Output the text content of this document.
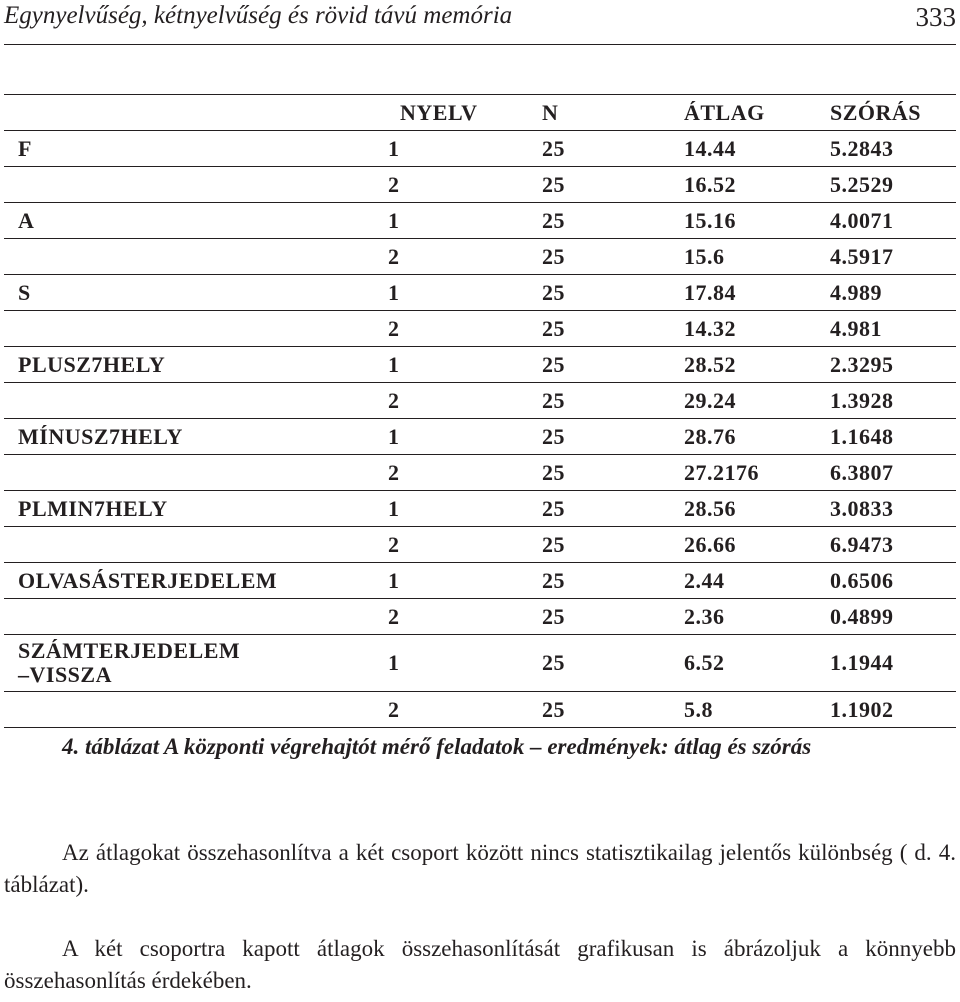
Egynyelvűség, kétnyelvűség és rövid távú memória	333
	NYELV	N	ÁTLAG	SZÓRÁS
F	1	25	14.44	5.2843
	2	25	16.52	5.2529
A	1	25	15.16	4.0071
	2	25	15.6	4.5917
S	1	25	17.84	4.989
	2	25	14.32	4.981
PLUSZ7HELY	1	25	28.52	2.3295
	2	25	29.24	1.3928
MÍNUSZ7HELY	1	25	28.76	1.1648
	2	25	27.2176	6.3807
PLMIN7HELY	1	25	28.56	3.0833
	2	25	26.66	6.9473
OLVASÁSTERJEDELEM	1	25	2.44	0.6506
	2	25	2.36	0.4899
SZÁMTERJEDELEM
–VISSZA	1	25	6.52	1.1944
	2	25	5.8	1.1902
4. táblázat A központi végrehajtót mérő feladatok – eredmények: átlag és szórás

Az átlagokat összehasonlítva a két csoport között nincs statisztikailag jelentős különbség ( d. 4. táblázat).

A két csoportra kapott átlagok összehasonlítását grafikusan is ábrázoljuk a könnyebb összehasonlítás érdekében.
